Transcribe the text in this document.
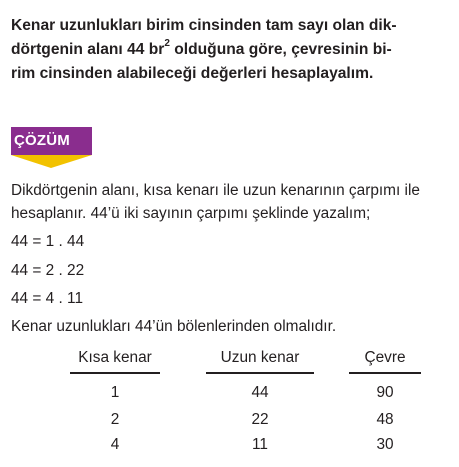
Kenar uzunlukları birim cinsinden tam sayı olan dik-
dörtgenin alanı 44 $br^2$ olduğuna göre, çevresinin bi-
rim cinsinden alabileceği değerleri hesaplayalım.
ÇÖZÜM
Dikdörtgenin alanı, kısa kenarı ile uzun kenarının çarpımı ile hesaplanır. 44’ü iki sayının çarpımı şeklinde yazalım;
44 = 1 . 44
44 = 2 . 22
44 = 4 . 11
Kenar uzunlukları 44’ün bölenlerinden olmalıdır.
Kısa kenar	Uzun kenar	Çevre
1	44	90
2	22	48
4	11	30
